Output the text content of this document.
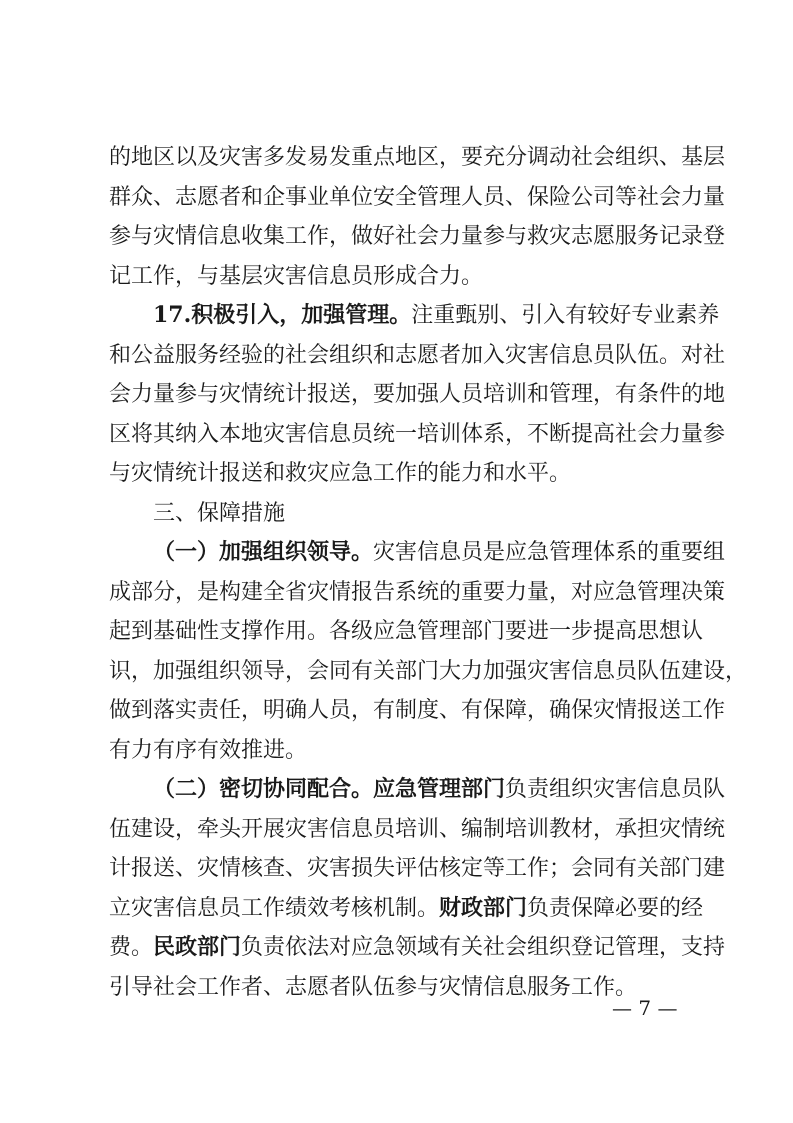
的地区以及灾害多发易发重点地区，要充分调动社会组织、基层
群众、志愿者和企事业单位安全管理人员、保险公司等社会力量
参与灾情信息收集工作，做好社会力量参与救灾志愿服务记录登
记工作，与基层灾害信息员形成合力。
17.积极引入，加强管理。注重甄别、引入有较好专业素养
和公益服务经验的社会组织和志愿者加入灾害信息员队伍。对社
会力量参与灾情统计报送，要加强人员培训和管理，有条件的地
区将其纳入本地灾害信息员统一培训体系，不断提高社会力量参
与灾情统计报送和救灾应急工作的能力和水平。
三、保障措施
（一）加强组织领导。灾害信息员是应急管理体系的重要组
成部分，是构建全省灾情报告系统的重要力量，对应急管理决策
起到基础性支撑作用。各级应急管理部门要进一步提高思想认
识，加强组织领导，会同有关部门大力加强灾害信息员队伍建设，
做到落实责任，明确人员，有制度、有保障，确保灾情报送工作
有力有序有效推进。
（二）密切协同配合。应急管理部门负责组织灾害信息员队
伍建设，牵头开展灾害信息员培训、编制培训教材，承担灾情统
计报送、灾情核查、灾害损失评估核定等工作；会同有关部门建
立灾害信息员工作绩效考核机制。财政部门负责保障必要的经
费。民政部门负责依法对应急领域有关社会组织登记管理，支持
引导社会工作者、志愿者队伍参与灾情信息服务工作。
— 7 —
